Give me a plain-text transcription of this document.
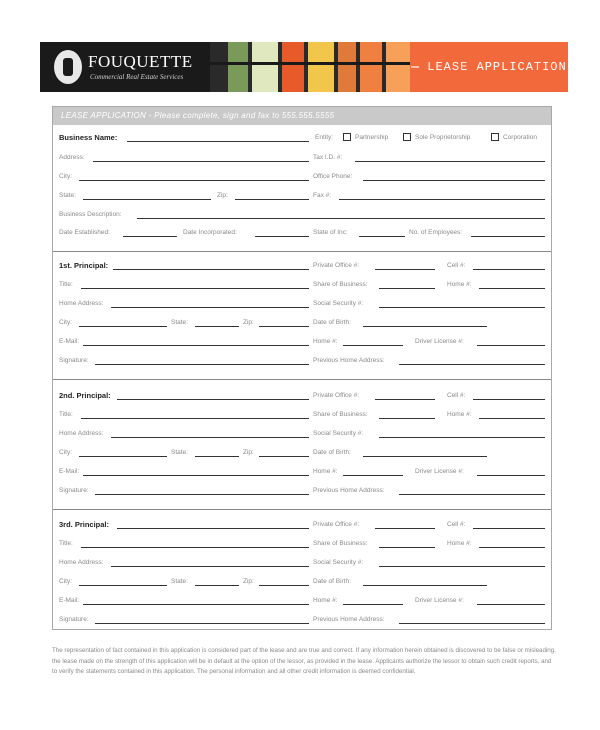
FOUQUETTE
Commercial Real Estate Services
LEASE APPLICATION
LEASE APPLICATION - Please complete, sign and fax to 555.555.5555
Business Name:	Entity:	Partnership	Sole Proprietorship	Corporation
Address:	Tax I.D. #:
City:	Office Phone:
State:	Zip:	Fax #:
Business Description:
Date Established:	Date Incorporated:	State of Inc:	No. of Employees:
1st. Principal:	Private Office #:	Cell #:
Title:	Share of Business:	Home #:
Home Address:	Social Security #:
City:	State:	Zip:	Date of Birth:
E-Mail:	Home #:	Driver License #:
Signature:	Previous Home Address:
2nd. Principal:	Private Office #:	Cell #:
Title:	Share of Business:	Home #:
Home Address:	Social Security #:
City:	State:	Zip:	Date of Birth:
E-Mail:	Home #:	Driver License #:
Signature:	Previous Home Address:
3rd. Principal:	Private Office #:	Cell #:
Title:	Share of Business:	Home #:
Home Address:	Social Security #:
City:	State:	Zip:	Date of Birth:
E-Mail:	Home #:	Driver License #:
Signature:	Previous Home Address:
The representation of fact contained in this application is considered part of the lease and are true and correct. If any information herein obtained is discovered to be false or misleading, the lease made on the strength of this application will be in default at the option of the lessor, as provided in the lease. Applicants authorize the lessor to obtain such credit reports, and to verify the statements contained in this application. The personal information and all other credit information is deemed confidential.
